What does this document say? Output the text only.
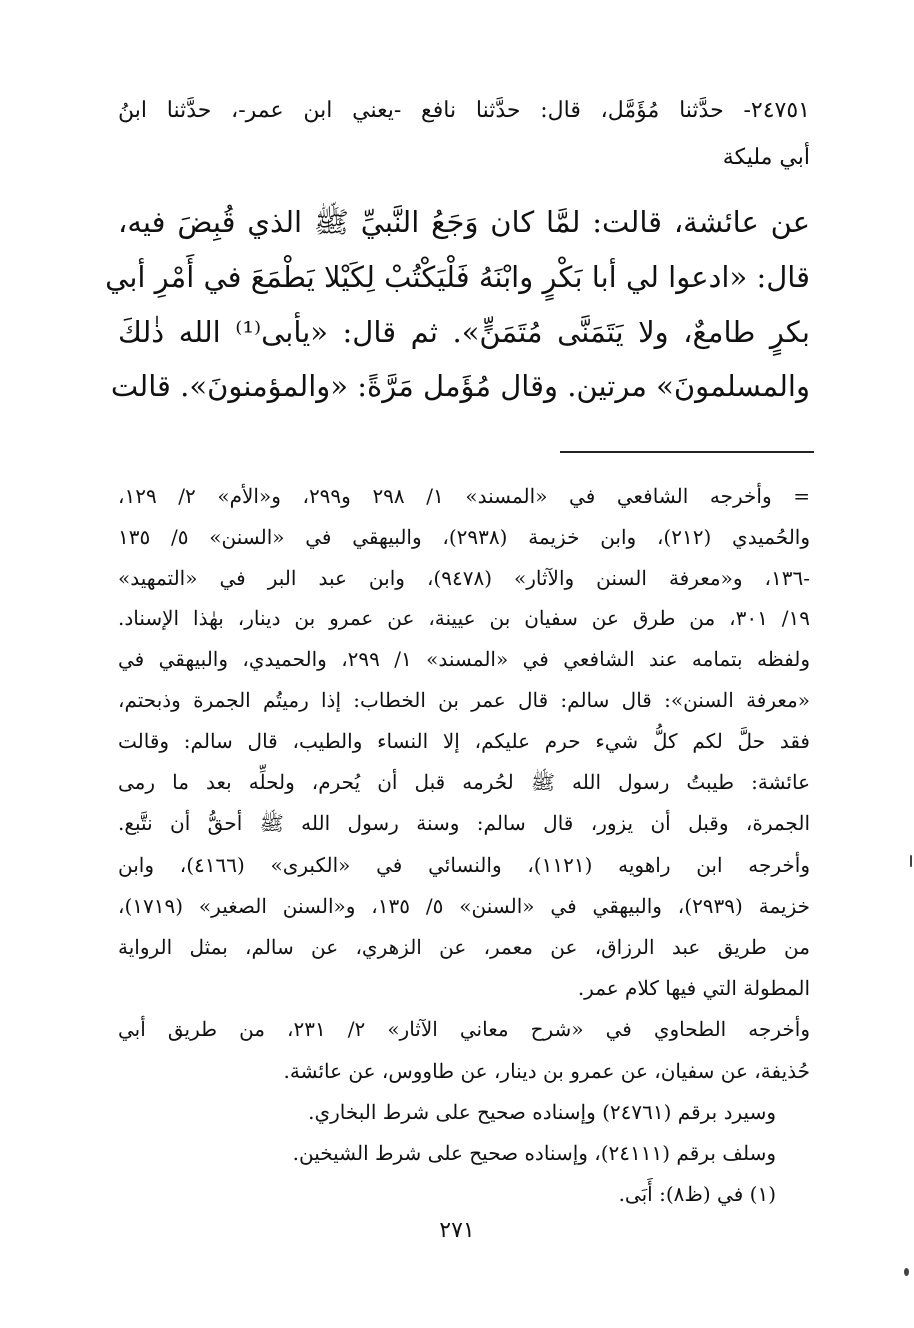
٢٤٧٥١- حدَّثنا مُؤَمَّل، قال: حدَّثنا نافع -يعني ابن عمر-، حدَّثنا ابنُ
أبي مليكة
عن عائشة، قالت: لمَّا كان وَجَعُ النَّبيِّ ﷺ الذي قُبِضَ فيه،
قال: «ادعوا لي أبا بَكْرٍ وابْنَهُ فَلْيَكْتُبْ لِكَيْلا يَطْمَعَ في أَمْرِ أبي
بكرٍ طامعٌ، ولا يَتَمَنَّى مُتَمَنٍّ». ثم قال: «يأبى⁽¹⁾ الله ذٰلكَ
والمسلمونَ» مرتين. وقال مُؤَمل مَرَّةً: «والمؤمنونَ». قالت
= وأخرجه الشافعي في «المسند» ١/ ٢٩٨ و٢٩٩، و«الأم» ٢/ ١٢٩،
والحُميدي (٢١٢)، وابن خزيمة (٢٩٣٨)، والبيهقي في «السنن» ٥/ ١٣٥
-١٣٦، و«معرفة السنن والآثار» (٩٤٧٨)، وابن عبد البر في «التمهيد»
١٩/ ٣٠١، من طرق عن سفيان بن عيينة، عن عمرو بن دينار، بهٰذا الإسناد.
ولفظه بتمامه عند الشافعي في «المسند» ١/ ٢٩٩، والحميدي، والبيهقي في
«معرفة السنن»: قال سالم: قال عمر بن الخطاب: إذا رميتُم الجمرة وذبحتم،
فقد حلَّ لكم كلُّ شيء حرم عليكم، إلا النساء والطيب، قال سالم: وقالت
عائشة: طيبتُ رسول الله ﷺ لحُرمه قبل أن يُحرم، ولحلِّه بعد ما رمى
الجمرة، وقبل أن يزور، قال سالم: وسنة رسول الله ﷺ أحقُّ أن نتَّبع.
وأخرجه ابن راهويه (١١٢١)، والنسائي في «الكبرى» (٤١٦٦)، وابن
خزيمة (٢٩٣٩)، والبيهقي في «السنن» ٥/ ١٣٥، و«السنن الصغير» (١٧١٩)،
من طريق عبد الرزاق، عن معمر، عن الزهري، عن سالم، بمثل الرواية
المطولة التي فيها كلام عمر.
وأخرجه الطحاوي في «شرح معاني الآثار» ٢/ ٢٣١، من طريق أبي
حُذيفة، عن سفيان، عن عمرو بن دينار، عن طاووس، عن عائشة.
وسيرد برقم (٢٤٧٦١) وإسناده صحيح على شرط البخاري.
وسلف برقم (٢٤١١١)، وإسناده صحيح على شرط الشيخين.
(١) في (ظ٨): أَبَى.
٢٧١
